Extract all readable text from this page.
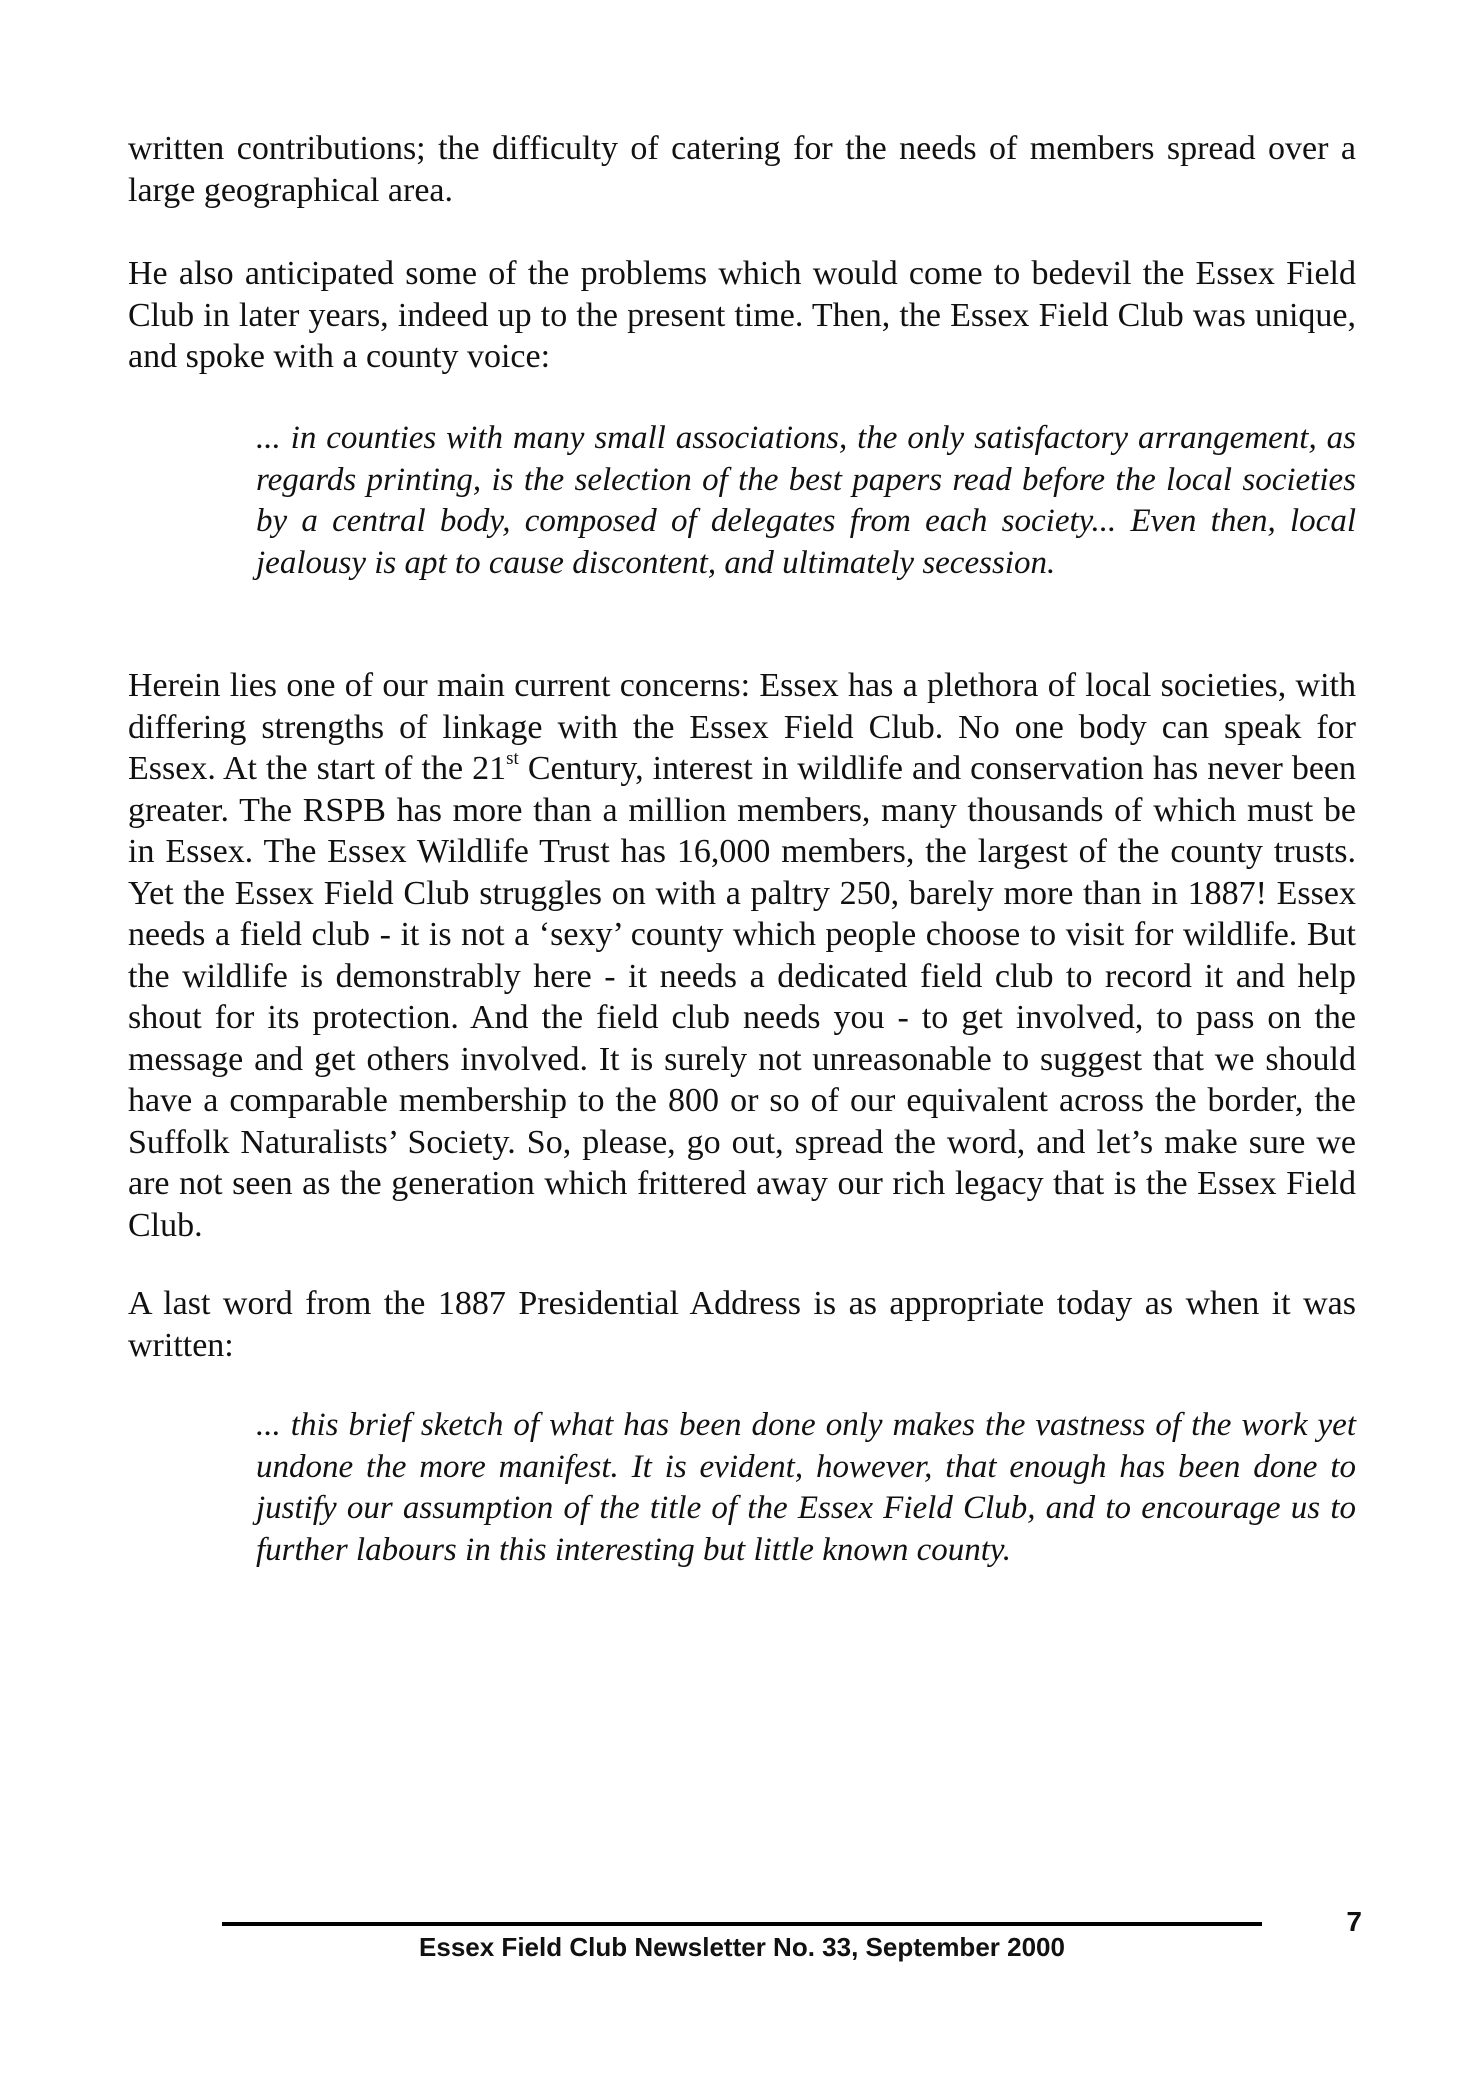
written contributions; the difficulty of catering for the needs of members spread over a large geographical area.

He also anticipated some of the problems which would come to bedevil the Essex Field Club in later years, indeed up to the present time. Then, the Essex Field Club was unique, and spoke with a county voice:

... in counties with many small associations, the only satisfactory arrangement, as regards printing, is the selection of the best papers read before the local societies by a central body, composed of delegates from each society... Even then, local jealousy is apt to cause discontent, and ultimately secession.

Herein lies one of our main current concerns: Essex has a plethora of local societies, with differing strengths of linkage with the Essex Field Club. No one body can speak for Essex. At the start of the 21st Century, interest in wildlife and conservation has never been greater. The RSPB has more than a million members, many thousands of which must be in Essex. The Essex Wildlife Trust has 16,000 members, the largest of the county trusts. Yet the Essex Field Club struggles on with a paltry 250, barely more than in 1887! Essex needs a field club - it is not a ‘sexy’ county which people choose to visit for wildlife. But the wildlife is demonstrably here - it needs a dedicated field club to record it and help shout for its protection. And the field club needs you - to get involved, to pass on the message and get others involved. It is surely not unreasonable to suggest that we should have a comparable membership to the 800 or so of our equivalent across the border, the Suffolk Naturalists’ Society. So, please, go out, spread the word, and let’s make sure we are not seen as the generation which frittered away our rich legacy that is the Essex Field Club.

A last word from the 1887 Presidential Address is as appropriate today as when it was written:

... this brief sketch of what has been done only makes the vastness of the work yet undone the more manifest. It is evident, however, that enough has been done to justify our assumption of the title of the Essex Field Club, and to encourage us to further labours in this interesting but little known county.

Essex Field Club Newsletter No. 33, September 2000
7
